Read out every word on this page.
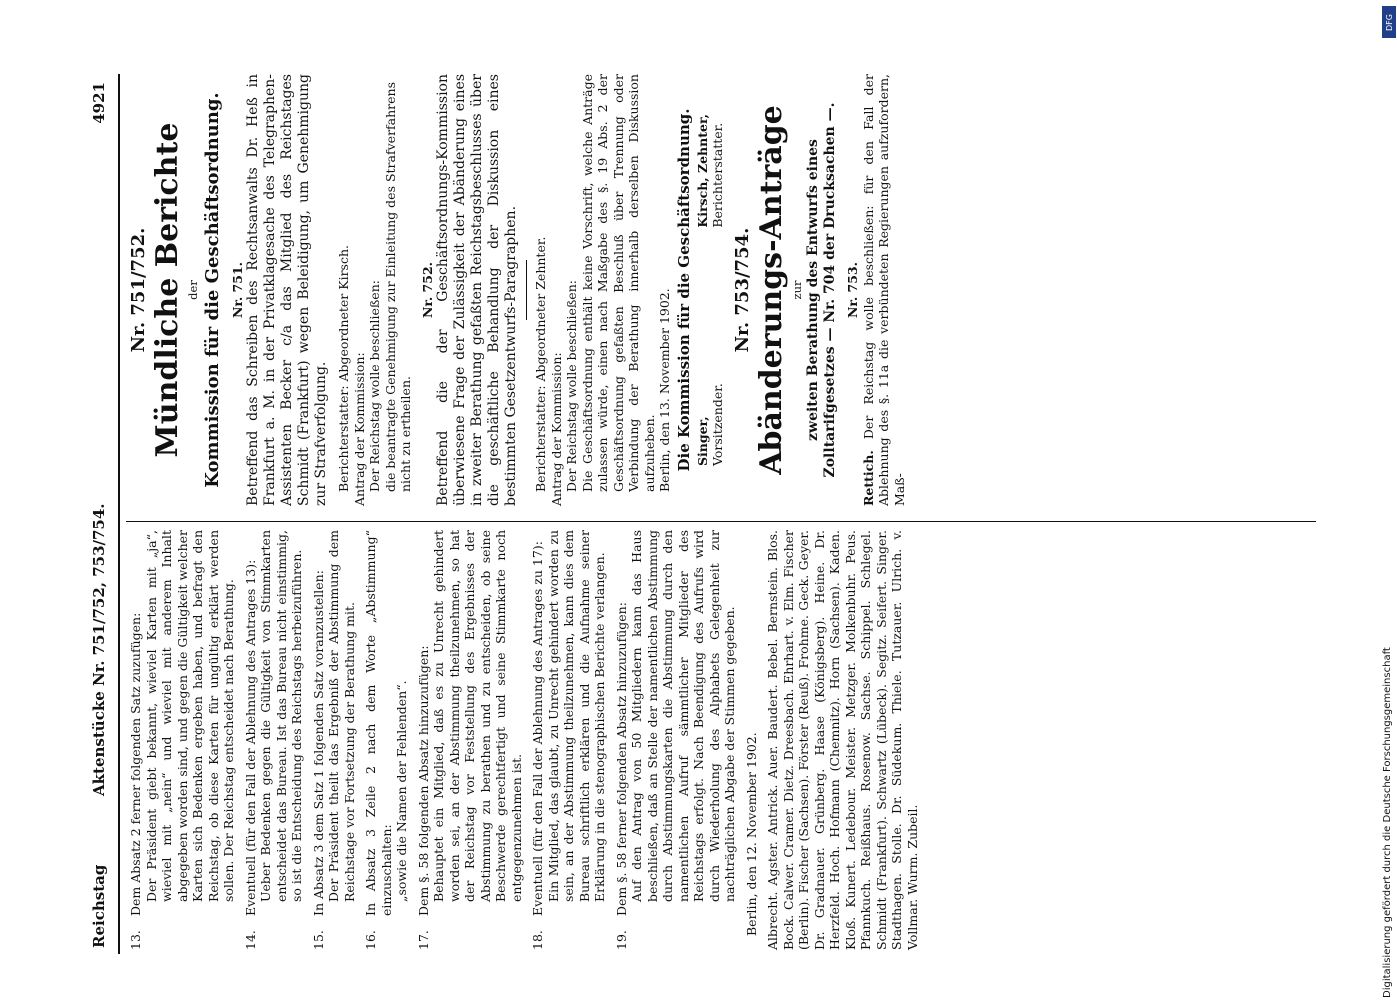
Reichstag
Aktenstücke Nr. 751/752, 753/754.
4921
13.
Dem Absatz 2 ferner folgenden Satz zuzufügen: Der Präsident giebt bekannt, wieviel Karten mit „ja“, wieviel mit „nein“ und wieviel mit anderem Inhalt abgegeben worden sind, und gegen die Gültigkeit welcher Karten sich Bedenken ergeben haben, und befragt den Reichstag, ob diese Karten für ungültig erklärt werden sollen. Der Reichstag entscheidet nach Berathung.
14.
Eventuell (für den Fall der Ablehnung des Antrages 13): Ueber Bedenken gegen die Gültigkeit von Stimmkarten entscheidet das Bureau. Ist das Bureau nicht einstimmig, so ist die Entscheidung des Reichstags herbeizuführen.
15.
In Absatz 3 dem Satz 1 folgenden Satz voranzustellen: Der Präsident theilt das Ergebniß der Abstimmung dem Reichstage vor Fortsetzung der Berathung mit.
16.
In Absatz 3 Zeile 2 nach dem Worte „Abstimmung“ einzuschalten: „sowie die Namen der Fehlenden“.
17.
Dem §. 58 folgenden Absatz hinzuzufügen: Behauptet ein Mitglied, daß es zu Unrecht gehindert worden sei, an der Abstimmung theilzunehmen, so hat der Reichstag vor Feststellung des Ergebnisses der Abstimmung zu berathen und zu entscheiden, ob seine Beschwerde gerechtfertigt und seine Stimmkarte noch entgegenzunehmen ist.
18.
Eventuell (für den Fall der Ablehnung des Antrages zu 17): Ein Mitglied, das glaubt, zu Unrecht gehindert worden zu sein, an der Abstimmung theilzunehmen, kann dies dem Bureau schriftlich erklären und die Aufnahme seiner Erklärung in die stenographischen Berichte verlangen.
19.
Dem §. 58 ferner folgenden Absatz hinzuzufügen: Auf den Antrag von 50 Mitgliedern kann das Haus beschließen, daß an Stelle der namentlichen Abstimmung durch Abstimmungskarten die Abstimmung durch den namentlichen Aufruf sämmtlicher Mitglieder des Reichstags erfolgt. Nach Beendigung des Aufrufs wird durch Wiederholung des Alphabets Gelegenheit zur nachträglichen Abgabe der Stimmen gegeben. Berlin, den 12. November 1902. Albrecht. Agster. Antrick. Auer. Baudert. Bebel. Bernstein. Blos. Bock. Calwer. Cramer. Dietz. Dreesbach. Ehrhart. v. Elm. Fischer (Berlin). Fischer (Sachsen). Förster (Reuß). Frohme. Geck. Geyer. Dr. Gradnauer. Grünberg. Haase (Königsberg). Heine. Dr. Herzfeld. Hoch. Hofmann (Chemnitz). Horn (Sachsen). Kaden. Kloß. Kunert. Ledebour. Meister. Metzger. Molkenbuhr. Peus. Pfannkuch. Reißhaus. Rosenow. Sachse. Schippel. Schlegel. Schmidt (Frankfurt). Schwartz (Lübeck). Segitz. Seifert. Singer. Stadthagen. Stolle. Dr. Südekum. Thiele. Tutzauer. Ulrich. v. Vollmar. Wurm. Zubeil.
Nr. 751/752. Mündliche Berichte der Kommission für die Geschäftsordnung. Nr. 751. Betreffend das Schreiben des Rechtsanwalts Dr. Heß in Frankfurt a. M. in der Privatklagesache des Telegraphen-Assistenten Becker c/a das Mitglied des Reichstages Schmidt (Frankfurt) wegen Beleidigung, um Genehmigung zur Strafverfolgung. Berichterstatter: Abgeordneter Kirsch. Antrag der Kommission: Der Reichstag wolle beschließen: die beantragte Genehmigung zur Einleitung des Strafverfahrens nicht zu ertheilen.
Nr. 752. Betreffend die der Geschäftsordnungs-Kommission überwiesene Frage der Zulässigkeit der Abänderung eines in zweiter Berathung gefaßten Reichstagsbeschlusses über die geschäftliche Behandlung der Diskussion eines bestimmten Gesetzentwurfs-Paragraphen. Berichterstatter: Abgeordneter Zehnter. Antrag der Kommission: Der Reichstag wolle beschließen: Die Geschäftsordnung enthält keine Vorschrift, welche Anträge zulassen würde, einen nach Maßgabe des §. 19 Abs. 2 der Geschäftsordnung gefaßten Beschluß über Trennung oder Verbindung der Berathung innerhalb derselben Diskussion aufzuheben. Berlin, den 13. November 1902. Die Kommission für die Geschäftsordnung. Singer, Vorsitzender.
Kirsch, Zehnter, Berichterstatter.
Nr. 753/754. Abänderungs-Anträge zur zweiten Berathung des Entwurfs eines Zolltarifgesetzes — Nr. 704 der Drucksachen —. Nr. 753.
Rettich. Der Reichstag wolle beschließen: für den Fall der Ablehnung des §. 11a die verbündeten Regierungen aufzufordern, Maß-
Digitalisierung gefördert durch die Deutsche Forschungsgemeinschaft
DFG
